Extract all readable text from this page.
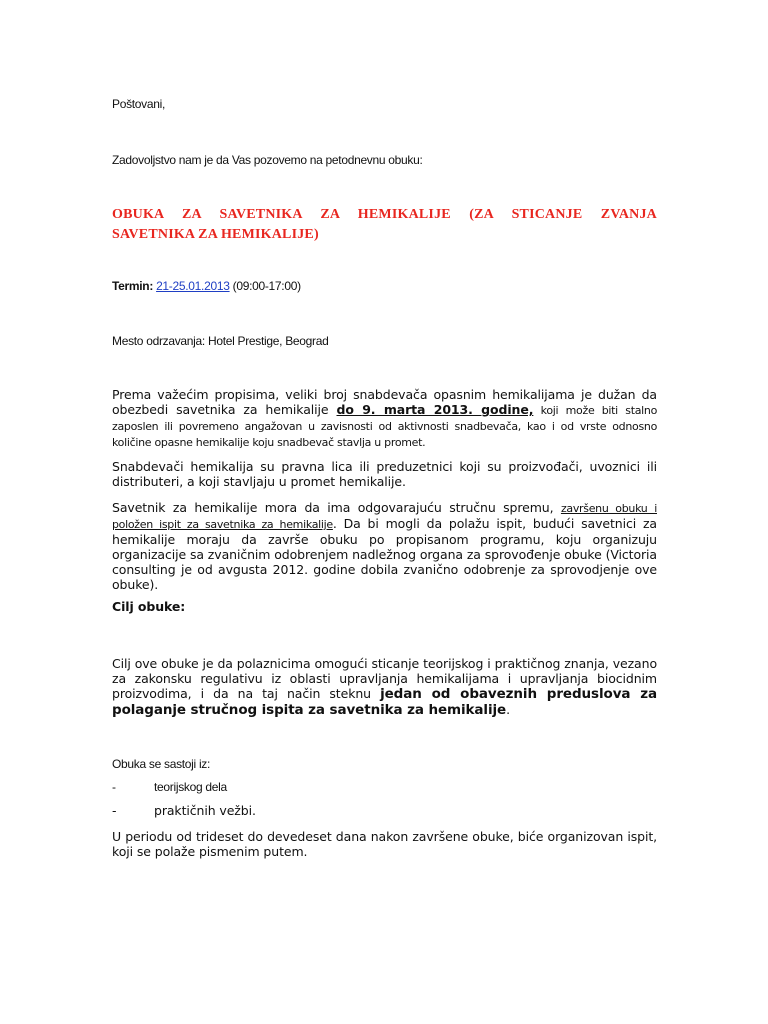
Poštovani,

Zadovoljstvo nam je da Vas pozovemo na petodnevnu obuku:

OBUKA ZA SAVETNIKA ZA HEMIKALIJE (ZA STICANJE ZVANJA
SAVETNIKA ZA HEMIKALIJE)

Termin: 21-25.01.2013 (09:00-17:00)

Mesto odrzavanja: Hotel Prestige, Beograd

Prema važećim propisima, veliki broj snabdevača opasnim hemikalijama je dužan da obezbedi savetnika za hemikalije do 9. marta 2013. godine, koji može biti stalno zaposlen ili povremeno angažovan u zavisnosti od aktivnosti snadbevača, kao i od vrste odnosno količine opasne hemikalije koju snadbevač stavlja u promet.

Snabdevači hemikalija su pravna lica ili preduzetnici koji su proizvođači, uvoznici ili distributeri, a koji stavljaju u promet hemikalije.

Savetnik za hemikalije mora da ima odgovarajuću stručnu spremu, završenu obuku i položen ispit za savetnika za hemikalije. Da bi mogli da polažu ispit, budući savetnici za hemikalije moraju da završe obuku po propisanom programu, koju organizuju organizacije sa zvaničnim odobrenjem nadležnog organa za sprovođenje obuke (Victoria consulting je od avgusta 2012. godine dobila zvanično odobrenje za sprovodjenje ove obuke).

Cilj obuke:

Cilj ove obuke je da polaznicima omogući sticanje teorijskog i praktičnog znanja, vezano za zakonsku regulativu iz oblasti upravljanja hemikalijama i upravljanja biocidnim proizvodima, i da na taj način steknu jedan od obaveznih preduslova za polaganje stručnog ispita za savetnika za hemikalije.

Obuka se sastoji iz:

-	teorijskog dela
-	praktičnih vežbi.

U periodu od trideset do devedeset dana nakon završene obuke, biće organizovan ispit, koji se polaže pismenim putem.
